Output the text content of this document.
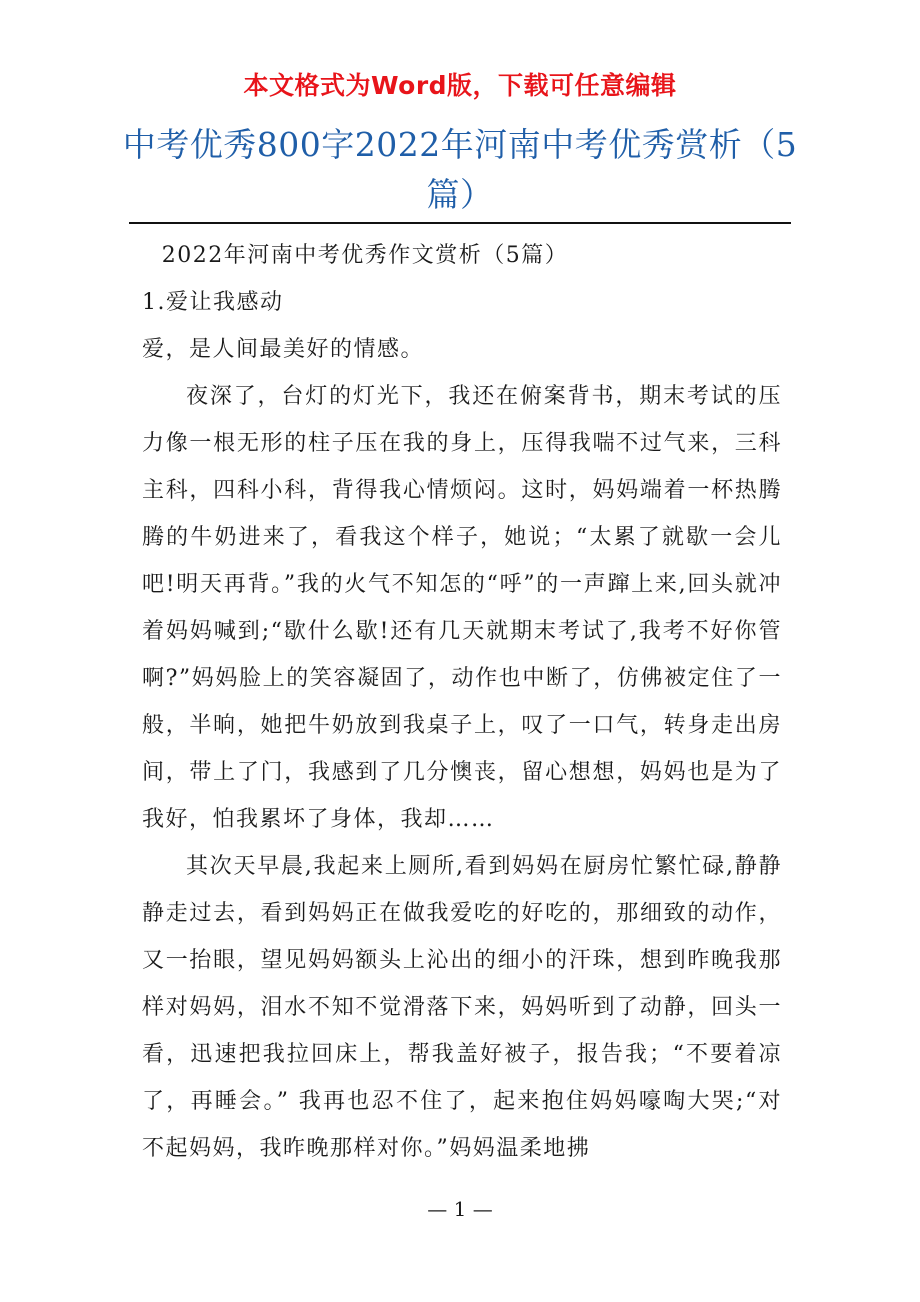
本文格式为Word版，下载可任意编辑
中考优秀800字2022年河南中考优秀赏析（5篇）

2022年河南中考优秀作文赏析（5篇）

1.爱让我感动

爱，是人间最美好的情感。

夜深了，台灯的灯光下，我还在俯案背书，期末考试的压力像一根无形的柱子压在我的身上，压得我喘不过气来，三科主科，四科小科，背得我心情烦闷。这时，妈妈端着一杯热腾腾的牛奶进来了，看我这个样子，她说；“太累了就歇一会儿吧!明天再背。”我的火气不知怎的“呼”的一声蹿上来,回头就冲着妈妈喊到;“歇什么歇!还有几天就期末考试了,我考不好你管啊?”妈妈脸上的笑容凝固了，动作也中断了，仿佛被定住了一般，半晌，她把牛奶放到我桌子上，叹了一口气，转身走出房间，带上了门，我感到了几分懊丧，留心想想，妈妈也是为了我好，怕我累坏了身体，我却……

其次天早晨,我起来上厕所,看到妈妈在厨房忙繁忙碌,静静静走过去，看到妈妈正在做我爱吃的好吃的，那细致的动作，又一抬眼，望见妈妈额头上沁出的细小的汗珠，想到昨晚我那样对妈妈，泪水不知不觉滑落下来，妈妈听到了动静，回头一看，迅速把我拉回床上，帮我盖好被子，报告我；“不要着凉了，再睡会。” 我再也忍不住了，起来抱住妈妈嚎啕大哭;“对不起妈妈，我昨晚那样对你。”妈妈温柔地拂

— 1 —
